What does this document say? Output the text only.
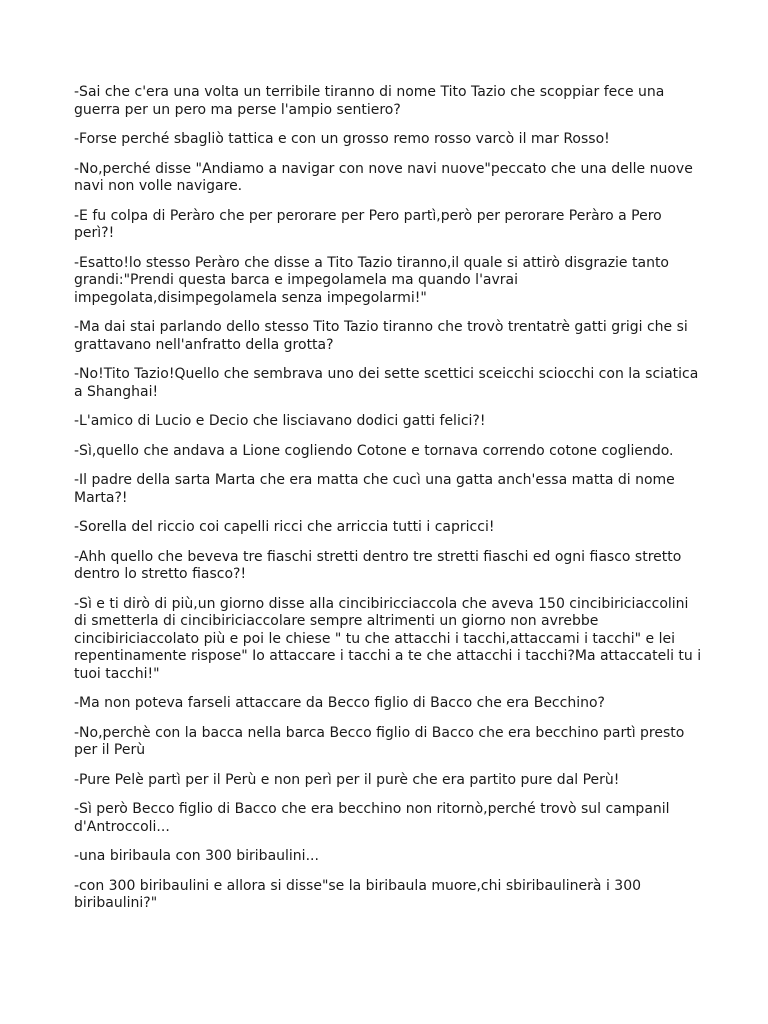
-Sai che c'era una volta un terribile tiranno di nome Tito Tazio che scoppiar fece una guerra per un pero ma perse l'ampio sentiero?

-Forse perché sbagliò tattica e con un grosso remo rosso varcò il mar Rosso!

-No,perché disse "Andiamo a navigar con nove navi nuove"peccato che una delle nuove navi non volle navigare.

-E fu colpa di Peràro che per perorare per Pero partì,però per perorare Peràro a Pero perì?!

-Esatto!lo stesso Peràro che disse a Tito Tazio tiranno,il quale si attirò disgrazie tanto grandi:"Prendi questa barca e impegolamela ma quando l'avrai impegolata,disimpegolamela senza impegolarmi!"

-Ma dai stai parlando dello stesso Tito Tazio tiranno che trovò trentatrè gatti grigi che si grattavano nell'anfratto della grotta?

-No!Tito Tazio!Quello che sembrava uno dei sette scettici sceicchi sciocchi con la sciatica a Shanghai!

-L'amico di Lucio e Decio che lisciavano dodici gatti felici?!

-Sì,quello che andava a Lione cogliendo Cotone e tornava correndo cotone cogliendo.

-Il padre della sarta Marta che era matta che cucì una gatta anch'essa matta di nome Marta?!

-Sorella del riccio coi capelli ricci che arriccia tutti i capricci!

-Ahh quello che beveva tre fiaschi stretti dentro tre stretti fiaschi ed ogni fiasco stretto dentro lo stretto fiasco?!

-Sì e ti dirò di più,un giorno disse alla cincibiricciaccola che aveva 150 cincibiriciaccolini di smetterla di cincibiriciaccolare sempre altrimenti un giorno non avrebbe cincibiriciaccolato più e poi le chiese " tu che attacchi i tacchi,attaccami i tacchi" e lei repentinamente rispose" Io attaccare i tacchi a te che attacchi i tacchi?Ma attaccateli tu i tuoi tacchi!"

-Ma non poteva farseli attaccare da Becco figlio di Bacco che era Becchino?

-No,perchè con la bacca nella barca Becco figlio di Bacco che era becchino partì presto per il Perù

-Pure Pelè partì per il Perù e non perì per il purè che era partito pure dal Perù!

-Sì però Becco figlio di Bacco che era becchino non ritornò,perché trovò sul campanil d'Antroccoli...

-una biribaula con 300 biribaulini...

-con 300 biribaulini e allora si disse"se la biribaula muore,chi sbiribaulinerà i 300 biribaulini?"
